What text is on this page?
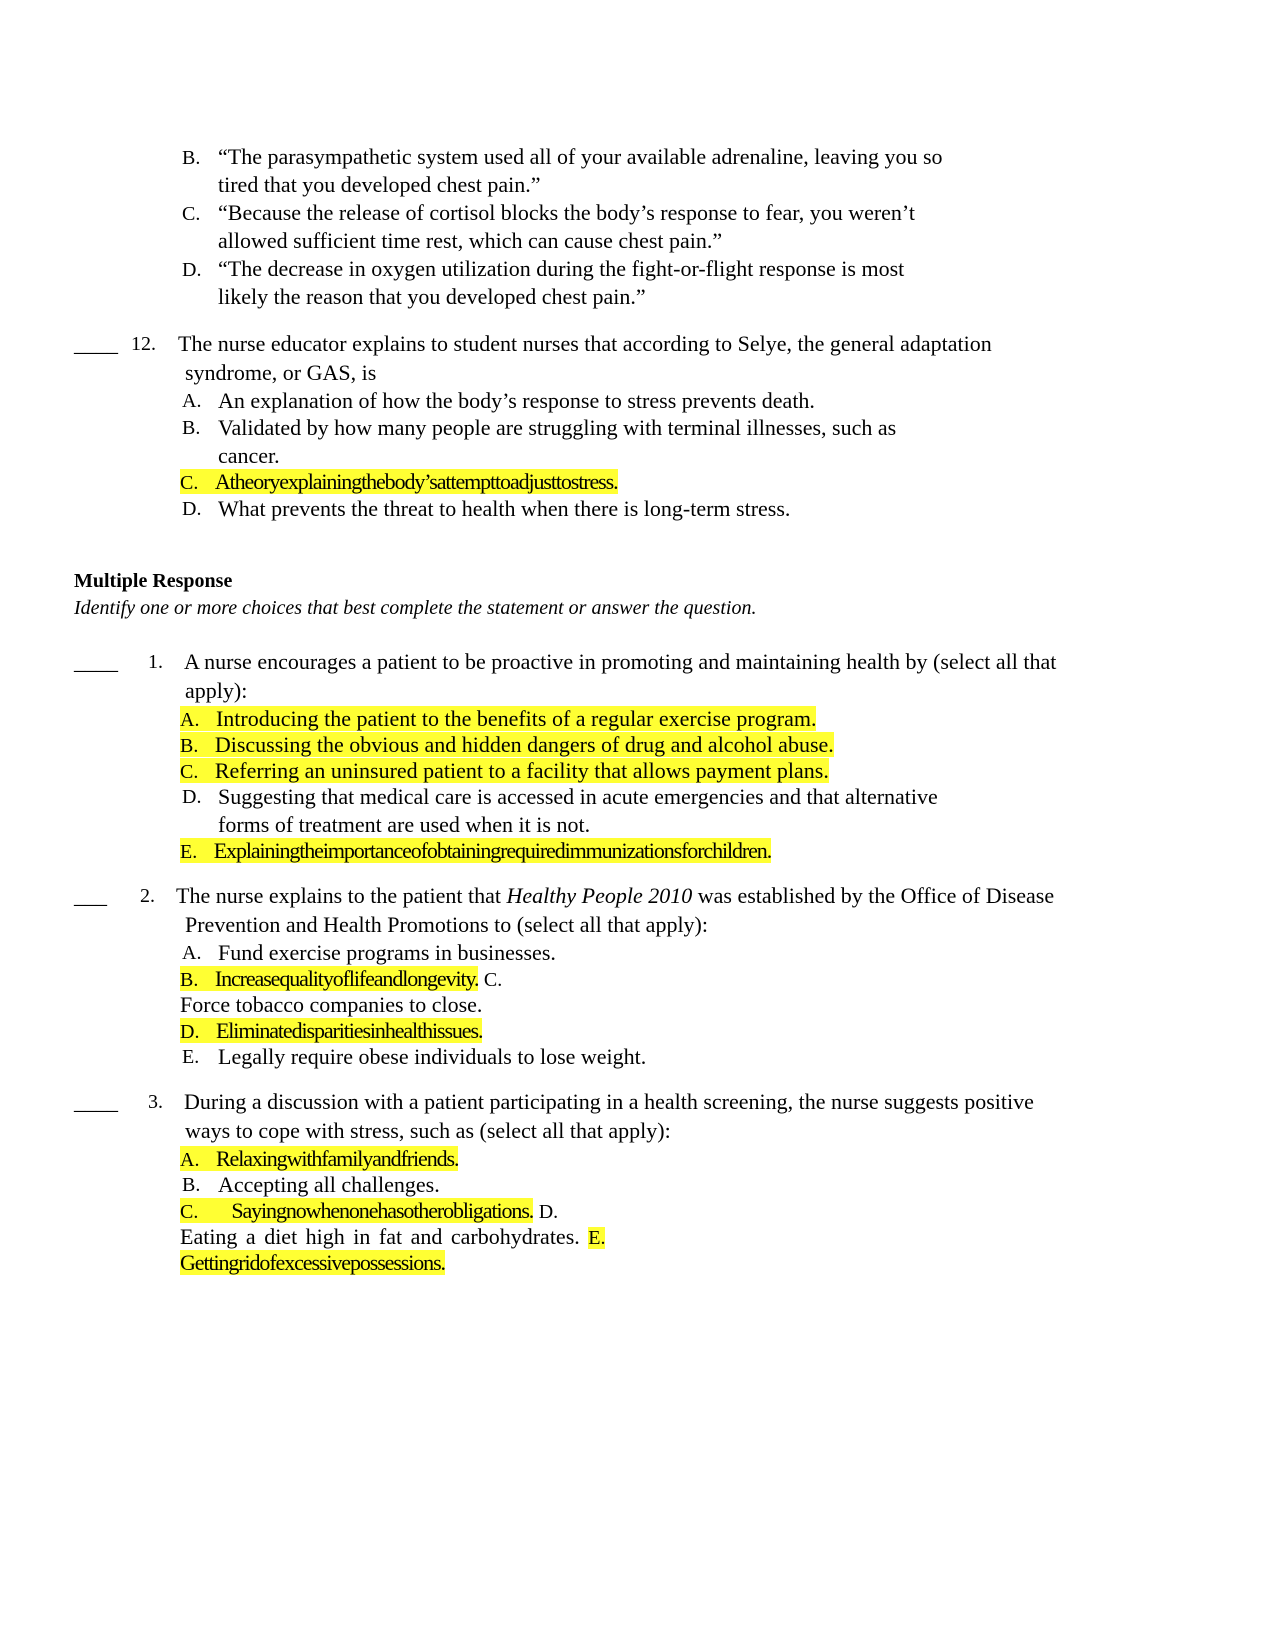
B. “The parasympathetic system used all of your available adrenaline, leaving you so
tired that you developed chest pain.”
C. “Because the release of cortisol blocks the body’s response to fear, you weren’t
allowed sufficient time rest, which can cause chest pain.”
D. “The decrease in oxygen utilization during the fight-or-flight response is most
likely the reason that you developed chest pain.”
____ 12. The nurse educator explains to student nurses that according to Selye, the general adaptation
syndrome, or GAS, is
A. An explanation of how the body’s response to stress prevents death.
B. Validated by how many people are struggling with terminal illnesses, such as
cancer.
C. Atheoryexplainingthebody’sattempttoadjusttostress.
D. What prevents the threat to health when there is long-term stress.
Multiple Response
Identify one or more choices that best complete the statement or answer the question.
____ 1. A nurse encourages a patient to be proactive in promoting and maintaining health by (select all that
apply):
A. Introducing the patient to the benefits of a regular exercise program.
B. Discussing the obvious and hidden dangers of drug and alcohol abuse.
C. Referring an uninsured patient to a facility that allows payment plans.
D. Suggesting that medical care is accessed in acute emergencies and that alternative
forms of treatment are used when it is not.
E. Explainingtheimportanceofobtainingrequiredimmunizationsforchildren.
___ 2. The nurse explains to the patient that Healthy People 2010 was established by the Office of Disease
Prevention and Health Promotions to (select all that apply):
A. Fund exercise programs in businesses.
B. Increasequalityoflifeandlongevity. C.
Force tobacco companies to close.
D. Eliminatedisparitiesinhealthissues.
E. Legally require obese individuals to lose weight.
____ 3. During a discussion with a patient participating in a health screening, the nurse suggests positive
ways to cope with stress, such as (select all that apply):
A. Relaxingwithfamilyandfriends.
B. Accepting all challenges.
C. Sayingnowhenonehasotherobligations. D.
Eating a diet high in fat and carbohydrates. E.
Gettingridofexcessivepossessions.
